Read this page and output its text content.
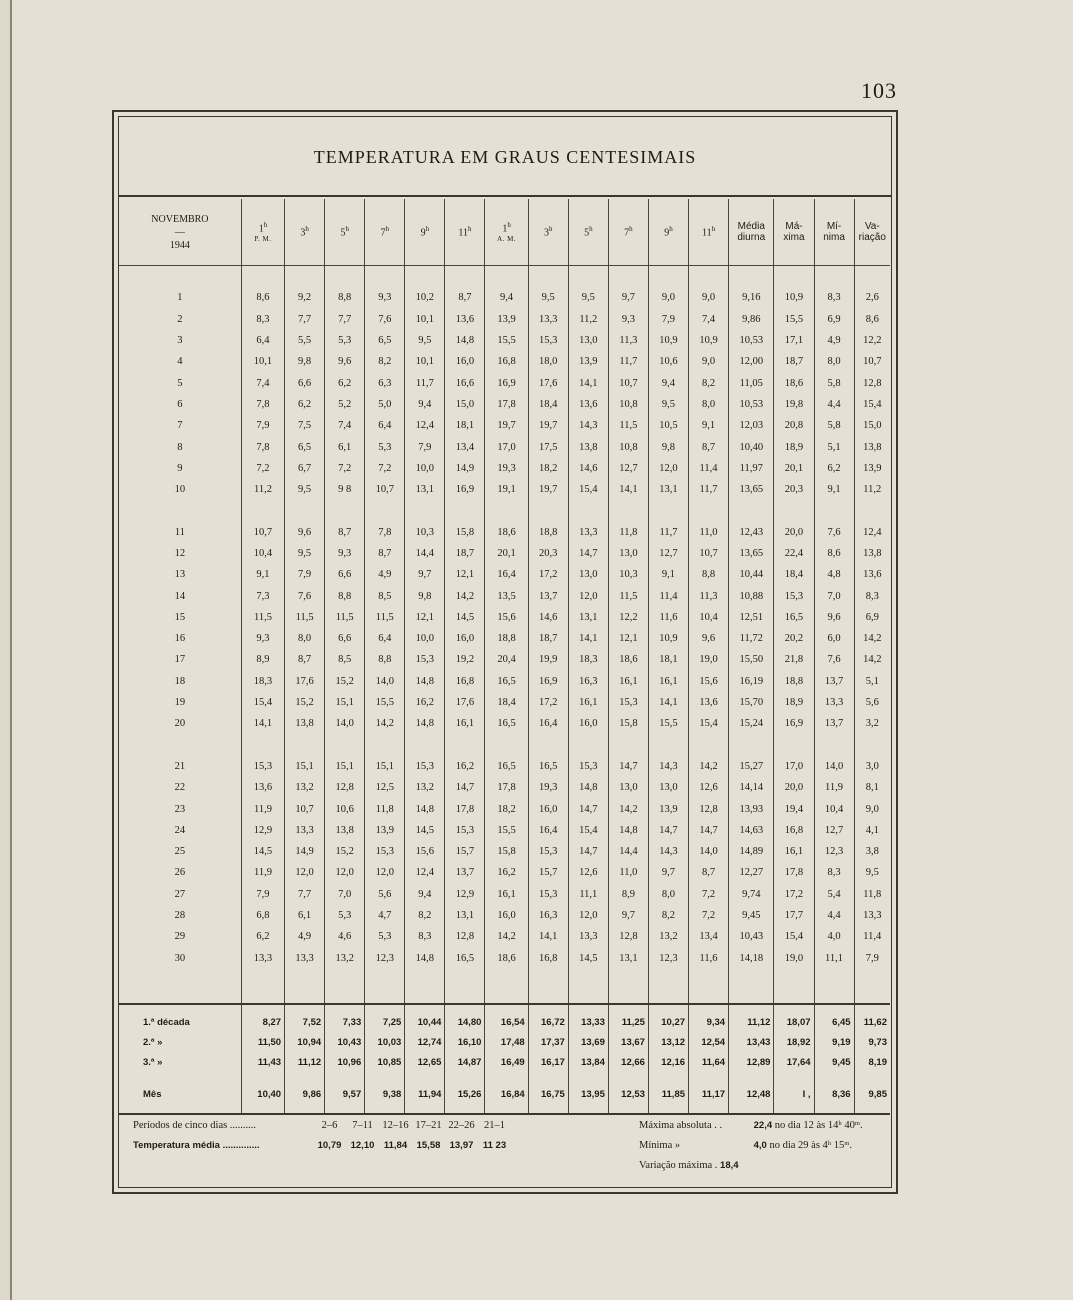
103
TEMPERATURA EM GRAUS CENTESIMAIS
NOVEMBRO
—
1944	1$^h$
P. M.	3$^h$	5$^h$	7$^h$	9$^h$	11$^h$	1$^h$
A. M.	3$^h$	5$^h$	7$^h$	9$^h$	11$^h$	Média
diurna	Má-
xima	Mí-
nima	Va-
riação

1	8,6	9,2	8,8	9,3	10,2	8,7	9,4	9,5	9,5	9,7	9,0	9,0	9,16	10,9	8,3	2,6
2	8,3	7,7	7,7	7,6	10,1	13,6	13,9	13,3	11,2	9,3	7,9	7,4	9,86	15,5	6,9	8,6
3	6,4	5,5	5,3	6,5	9,5	14,8	15,5	15,3	13,0	11,3	10,9	10,9	10,53	17,1	4,9	12,2
4	10,1	9,8	9,6	8,2	10,1	16,0	16,8	18,0	13,9	11,7	10,6	9,0	12,00	18,7	8,0	10,7
5	7,4	6,6	6,2	6,3	11,7	16,6	16,9	17,6	14,1	10,7	9,4	8,2	11,05	18,6	5,8	12,8
6	7,8	6,2	5,2	5,0	9,4	15,0	17,8	18,4	13,6	10,8	9,5	8,0	10,53	19,8	4,4	15,4
7	7,9	7,5	7,4	6,4	12,4	18,1	19,7	19,7	14,3	11,5	10,5	9,1	12,03	20,8	5,8	15,0
8	7,8	6,5	6,1	5,3	7,9	13,4	17,0	17,5	13,8	10,8	9,8	8,7	10,40	18,9	5,1	13,8
9	7,2	6,7	7,2	7,2	10,0	14,9	19,3	18,2	14,6	12,7	12,0	11,4	11,97	20,1	6,2	13,9
10	11,2	9,5	9 8	10,7	13,1	16,9	19,1	19,7	15,4	14,1	13,1	11,7	13,65	20,3	9,1	11,2

11	10,7	9,6	8,7	7,8	10,3	15,8	18,6	18,8	13,3	11,8	11,7	11,0	12,43	20,0	7,6	12,4
12	10,4	9,5	9,3	8,7	14,4	18,7	20,1	20,3	14,7	13,0	12,7	10,7	13,65	22,4	8,6	13,8
13	9,1	7,9	6,6	4,9	9,7	12,1	16,4	17,2	13,0	10,3	9,1	8,8	10,44	18,4	4,8	13,6
14	7,3	7,6	8,8	8,5	9,8	14,2	13,5	13,7	12,0	11,5	11,4	11,3	10,88	15,3	7,0	8,3
15	11,5	11,5	11,5	11,5	12,1	14,5	15,6	14,6	13,1	12,2	11,6	10,4	12,51	16,5	9,6	6,9
16	9,3	8,0	6,6	6,4	10,0	16,0	18,8	18,7	14,1	12,1	10,9	9,6	11,72	20,2	6,0	14,2
17	8,9	8,7	8,5	8,8	15,3	19,2	20,4	19,9	18,3	18,6	18,1	19,0	15,50	21,8	7,6	14,2
18	18,3	17,6	15,2	14,0	14,8	16,8	16,5	16,9	16,3	16,1	16,1	15,6	16,19	18,8	13,7	5,1
19	15,4	15,2	15,1	15,5	16,2	17,6	18,4	17,2	16,1	15,3	14,1	13,6	15,70	18,9	13,3	5,6
20	14,1	13,8	14,0	14,2	14,8	16,1	16,5	16,4	16,0	15,8	15,5	15,4	15,24	16,9	13,7	3,2

21	15,3	15,1	15,1	15,1	15,3	16,2	16,5	16,5	15,3	14,7	14,3	14,2	15,27	17,0	14,0	3,0
22	13,6	13,2	12,8	12,5	13,2	14,7	17,8	19,3	14,8	13,0	13,0	12,6	14,14	20,0	11,9	8,1
23	11,9	10,7	10,6	11,8	14,8	17,8	18,2	16,0	14,7	14,2	13,9	12,8	13,93	19,4	10,4	9,0
24	12,9	13,3	13,8	13,9	14,5	15,3	15,5	16,4	15,4	14,8	14,7	14,7	14,63	16,8	12,7	4,1
25	14,5	14,9	15,2	15,3	15,6	15,7	15,8	15,3	14,7	14,4	14,3	14,0	14,89	16,1	12,3	3,8
26	11,9	12,0	12,0	12,0	12,4	13,7	16,2	15,7	12,6	11,0	9,7	8,7	12,27	17,8	8,3	9,5
27	7,9	7,7	7,0	5,6	9,4	12,9	16,1	15,3	11,1	8,9	8,0	7,2	9,74	17,2	5,4	11,8
28	6,8	6,1	5,3	4,7	8,2	13,1	16,0	16,3	12,0	9,7	8,2	7,2	9,45	17,7	4,4	13,3
29	6,2	4,9	4,6	5,3	8,3	12,8	14,2	14,1	13,3	12,8	13,2	13,4	10,43	15,4	4,0	11,4
30	13,3	13,3	13,2	12,3	14,8	16,5	18,6	16,8	14,5	13,1	12,3	11,6	14,18	19,0	11,1	7,9

1.ª década	8,27	7,52	7,33	7,25	10,44	14,80	16,54	16,72	13,33	11,25	10,27	9,34	11,12	18,07	6,45	11,62
2.ª »	11,50	10,94	10,43	10,03	12,74	16,10	17,48	17,37	13,69	13,67	13,12	12,54	13,43	18,92	9,19	9,73
3.ª »	11,43	11,12	10,96	10,85	12,65	14,87	16,49	16,17	13,84	12,66	12,16	11,64	12,89	17,64	9,45	8,19

Mês	10,40	9,86	9,57	9,38	11,94	15,26	16,84	16,75	13,95	12,53	11,85	11,17	12,48	I ,	8,36	9,85

Períodos de cinco dias ..........	2–6 7–11 12–16 17–21 22–26 21–1
Temperatura média ..............	10,79 12,10 11,84 15,58 13,97 11 23
Máxima absoluta . .	22,4 no dia 12 às 14ʰ 40ᵐ.
Mínima »	4,0 no dia 29 às 4ʰ 15ᵐ.
Variação máxima . 18,4
